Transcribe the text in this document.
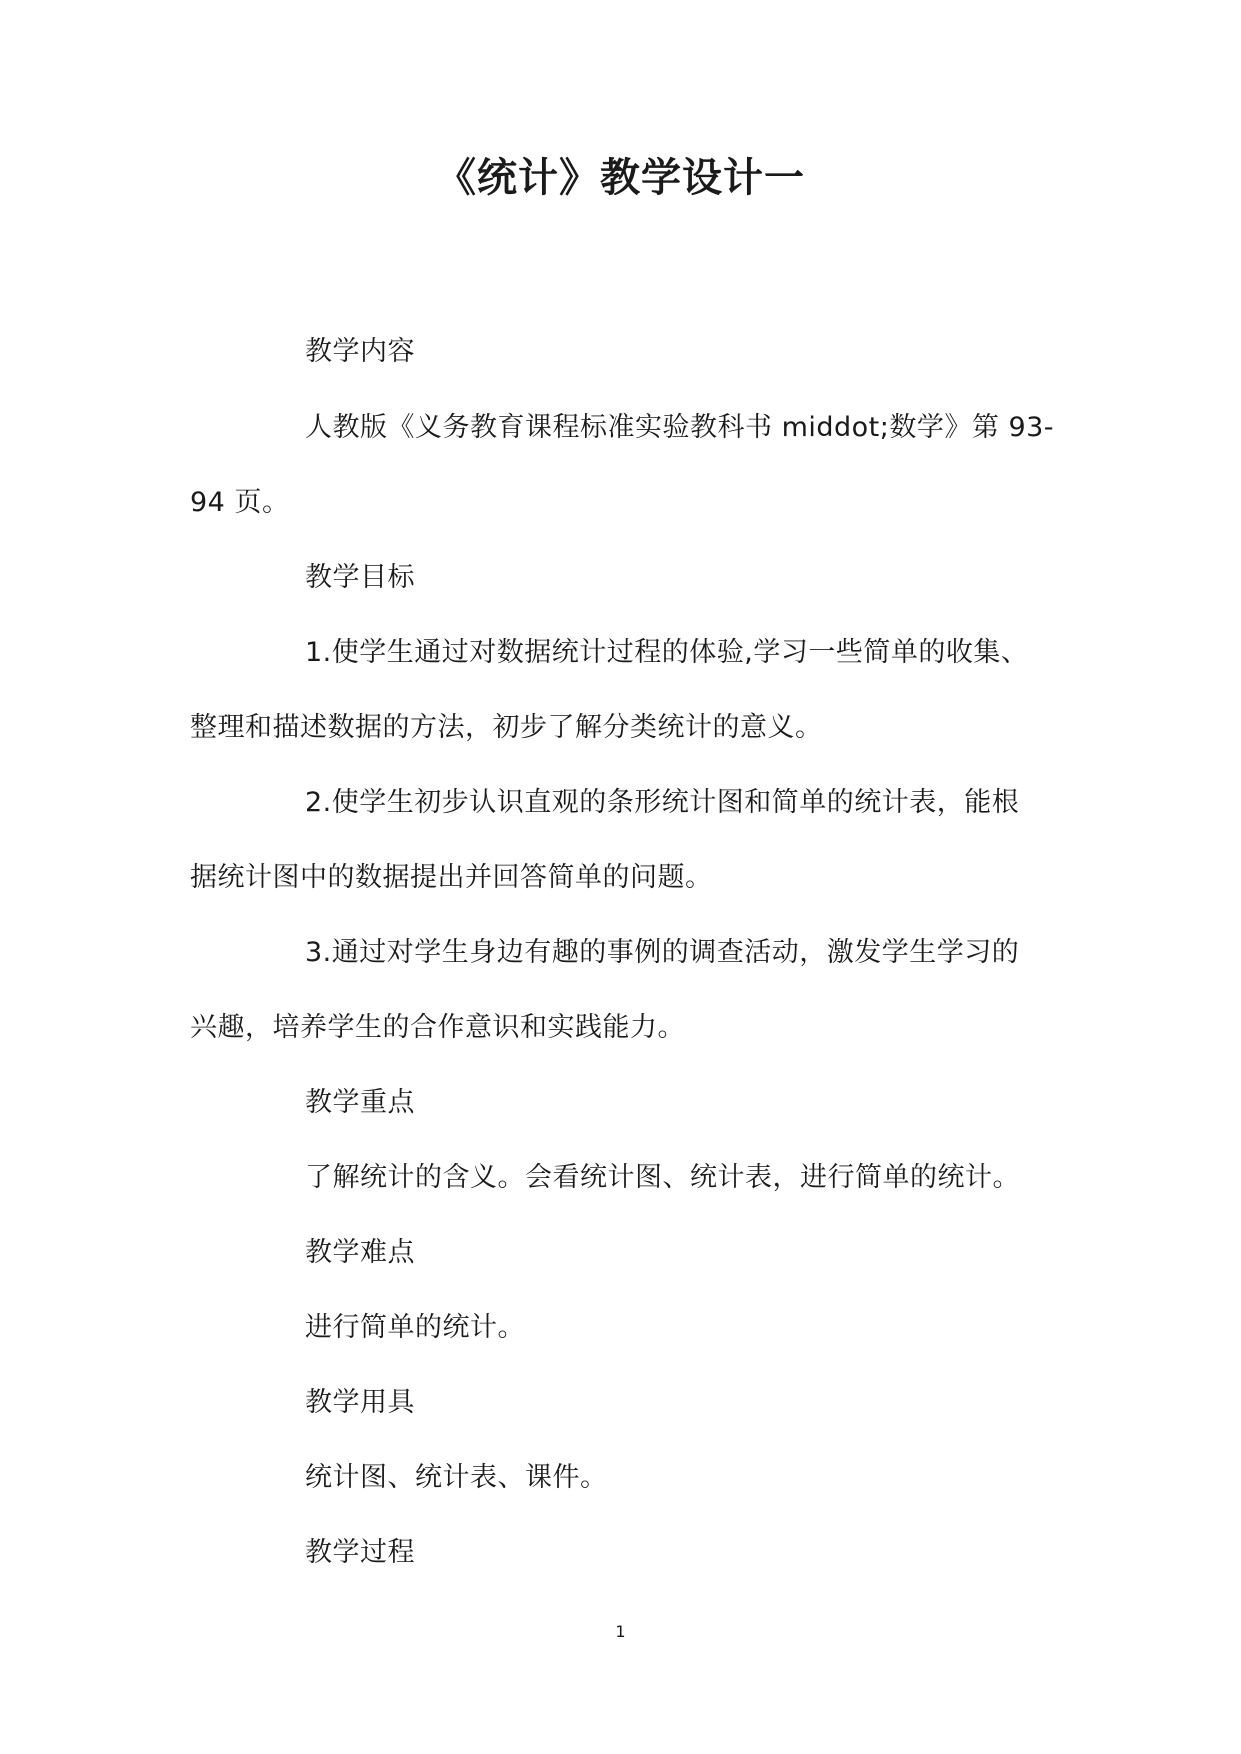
《统计》教学设计一
教学内容
人教版《义务教育课程标准实验教科书 middot;数学》第 93-
94 页。
教学目标
1.使学生通过对数据统计过程的体验,学习一些简单的收集、
整理和描述数据的方法，初步了解分类统计的意义。
2.使学生初步认识直观的条形统计图和简单的统计表，能根
据统计图中的数据提出并回答简单的问题。
3.通过对学生身边有趣的事例的调查活动，激发学生学习的
兴趣，培养学生的合作意识和实践能力。
教学重点
了解统计的含义。会看统计图、统计表，进行简单的统计。
教学难点
进行简单的统计。
教学用具
统计图、统计表、课件。
教学过程
1
